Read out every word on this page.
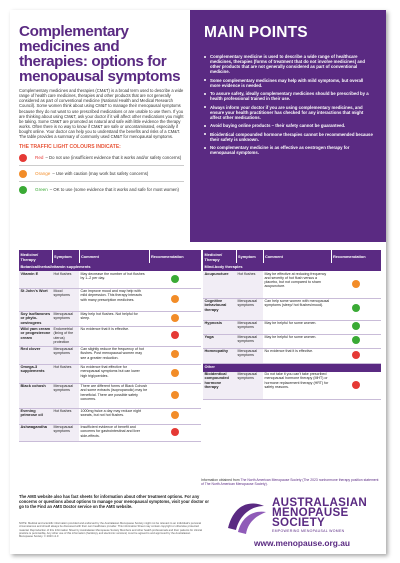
Complementary medicines and therapies: options for menopausal symptoms
Complementary medicines and therapies (CM&T) is a broad term used to describe a wide range of health care medicines, therapies and other products that are not generally considered as part of conventional medicine (National Health and Medical Research Council). Some women think about using CM&T to manage their menopausal symptoms because they do not want to use prescribed medications or are unable to use them. If you are thinking about using CM&T, ask your doctor if it will affect other medications you might be taking. Some CM&T are promoted as natural and safe with little evidence the therapy works. Often there is no way to know if CM&T are safe or uncontaminated, especially if bought online. Your doctor can help you to understand the benefits and risks of a CM&T. The table provides a summary of commonly used CM&T for menopausal symptoms.
THE TRAFFIC LIGHT COLOURS INDICATE:
Red – Do not use (insufficient evidence that it works and/or safety concerns)
Orange – Use with caution (may work but safety concerns)
Green – OK to use (some evidence that it works and safe for most women)
MAIN POINTS
Complementary medicine is used to describe a wide range of healthcare medicines, therapies (forms of treatment that do not involve medicines) and other products that are not generally considered as part of conventional medicine.
Some complementary medicines may help with mild symptoms, but overall more evidence is needed.
To assure safety, ideally complementary medicines should be prescribed by a health professional trained in their use.
Always inform your doctor if you are using complementary medicines, and ensure your health practitioner has checked for any interactions that might affect other medications.
Avoid buying online products – their safety cannot be guaranteed.
Bioidentical compounded hormone therapies cannot be recommended because their safety is unknown.
No complementary medicine is as effective as oestrogen therapy for menopausal symptoms.
Medicine/ Therapy	Symptom	Comment	Recommendation
Botanical/herbal/vitamin supplements			
Vitamin E	Hot flushes	May decrease the number of hot flushes by 1–2 per day.	
St John's Wort	Mood symptoms	Can improve mood and may help with mild depression. This therapy interacts with many prescription medicines.	
Soy isoflavones or phyto-oestrogens	Menopausal symptoms	May help hot flushes. Not helpful for sleep.	
Wild yam cream or progesterone cream	Endometrial (lining of the uterus) protection	No evidence that it is effective.	
Red clover	Menopausal symptoms	Can slightly reduce the frequency of hot flushes. Post menopausal women may see a greater reduction.	
Omega-3 supplements	Hot flushes	No evidence that effective for menopausal symptoms but can lower high triglycerides.	
Black cohosh	Menopausal symptoms	There are different forms of Black Cohosh and some extracts (isopropanolic) may be beneficial. There are possible safety concerns.	
Evening primrose oil	Hot flushes	1000mg twice a day may reduce night sweats, but not hot flushes.	
Ashwagandha	Menopausal symptoms	Insufficient evidence of benefit and concerns for gastrointestinal and liver side-effects.	
Medicine/ Therapy	Symptom	Comment	Recommendation
Mind-body therapies			
Acupuncture	Hot flushes	May be effective at reducing frequency and severity of hot flush versus a placebo, but not compared to sham acupuncture.	
Cognitive behavioural therapy	Menopausal symptoms	Can help some women with menopausal symptoms (sleep/ hot flushes/mood).	
Hypnosis	Menopausal symptoms	May be helpful for some women.	
Yoga	Menopausal symptoms	May be helpful for some women.	
Homeopathy	Menopausal symptoms	No evidence that it is effective.	
Other			
Bioidentical compounded hormone therapy	Menopausal symptoms	Do not take it you can't take prescribed menopausal hormone therapy (MHT) or hormone replacement therapy (HRT) for safety reasons.	
Information obtained from The North American Menopause Society (The 2023 nonhormone therapy position statement of The North American Menopause Society).
The AMS website also has fact sheets for information about other treatment options. For any concerns or questions about options to manage your menopausal symptoms, visit your doctor or go to the Find an AMS Doctor service on the AMS website.
NOTE: Medical and scientific information provided and endorsed by the Australasian Menopause Society might not be relevant to an individual's personal circumstances and should always be discussed with their own healthcare provider. This information Sheet may contain copyright or otherwise protected material. Reproduction of this Information Sheet by Australasian Menopause Society Members and other health professionals and their patients for clinical practice is permissible. Any other use of this information (hardcopy and electronic versions) must be agreed to and approved by the Australasian Menopause Society. © 2023 v1.0
AUSTRALASIAN
MENOPAUSE
SOCIETY
EMPOWERING MENOPAUSAL WOMEN
www.menopause.org.au
